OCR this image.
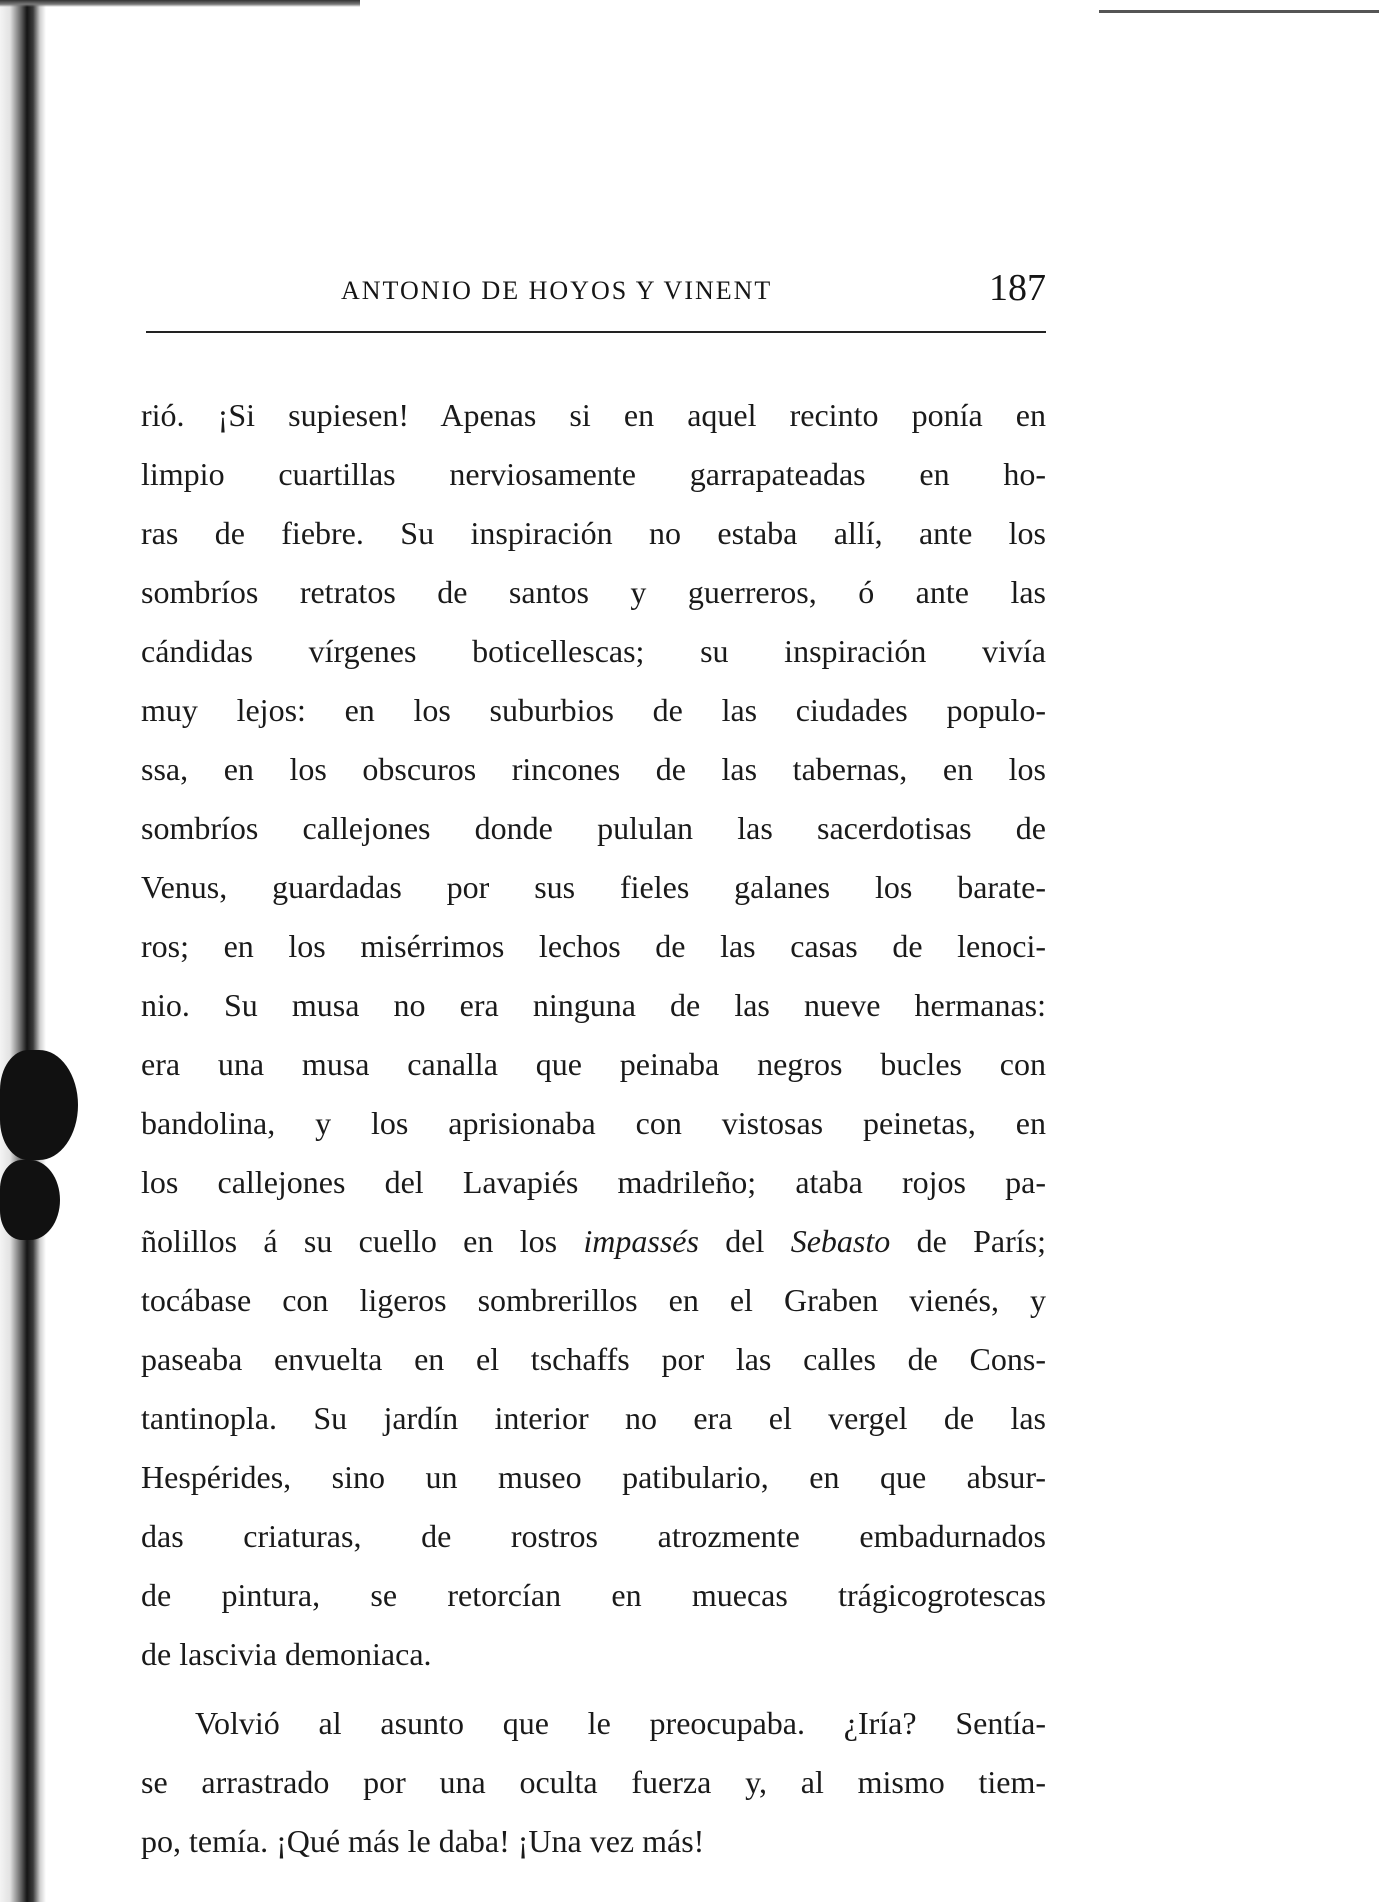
ANTONIO DE HOYOS Y VINENT	187
rió. ¡Si supiesen! Apenas si en aquel recinto ponía en
limpio cuartillas nerviosamente garrapateadas en ho-
ras de fiebre. Su inspiración no estaba allí, ante los
sombríos retratos de santos y guerreros, ó ante las
cándidas vírgenes boticellescas; su inspiración vivía
muy lejos: en los suburbios de las ciudades populo-
ssa, en los obscuros rincones de las tabernas, en los
sombríos callejones donde pululan las sacerdotisas de
Venus, guardadas por sus fieles galanes los barate-
ros; en los misérrimos lechos de las casas de lenoci-
nio. Su musa no era ninguna de las nueve hermanas:
era una musa canalla que peinaba negros bucles con
bandolina, y los aprisionaba con vistosas peinetas, en
los callejones del Lavapiés madrileño; ataba rojos pa-
ñolillos á su cuello en los impassés del Sebasto de París;
tocábase con ligeros sombrerillos en el Graben vienés, y
paseaba envuelta en el tschaffs por las calles de Cons-
tantinopla. Su jardín interior no era el vergel de las
Hespérides, sino un museo patibulario, en que absur-
das criaturas, de rostros atrozmente embadurnados
de pintura, se retorcían en muecas trágicogrotescas
de lascivia demoniaca.
Volvió al asunto que le preocupaba. ¿Iría? Sentía-
se arrastrado por una oculta fuerza y, al mismo tiem-
po, temía. ¡Qué más le daba! ¡Una vez más!
